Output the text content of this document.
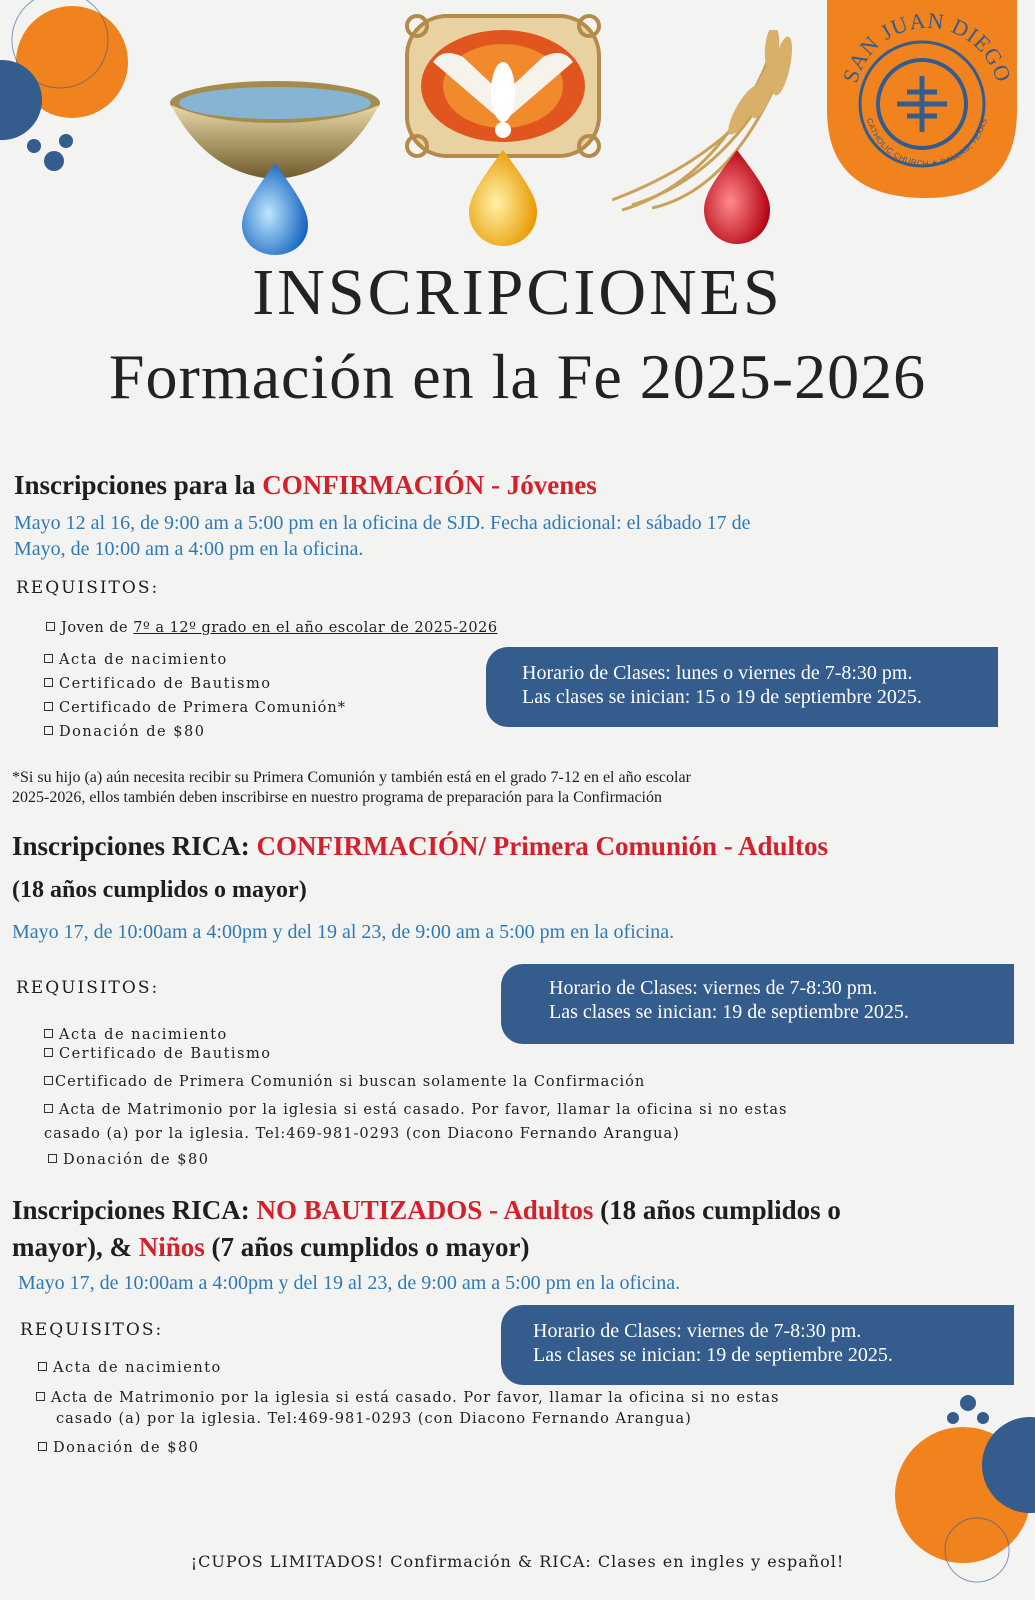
SAN JUAN DIEGO
CATHOLIC CHURCH ✦ DALLAS, TEXAS
INSCRIPCIONES
Formación en la Fe 2025-2026
Inscripciones para la CONFIRMACIÓN - Jóvenes
Mayo 12 al 16, de 9:00 am a 5:00 pm en la oficina de SJD. Fecha adicional: el sábado 17 de
Mayo, de 10:00 am a 4:00 pm en la oficina.
REQUISITOS:
Joven de 7º a 12º grado en el año escolar de 2025-2026
Acta de nacimiento
Certificado de Bautismo
Certificado de Primera Comunión*
Donación de $80
Horario de Clases: lunes o viernes de 7-8:30 pm.
Las clases se inician: 15 o 19 de septiembre 2025.
*Si su hijo (a) aún necesita recibir su Primera Comunión y también está en el grado 7-12 en el año escolar
2025-2026, ellos también deben inscribirse en nuestro programa de preparación para la Confirmación
Inscripciones RICA: CONFIRMACIÓN/ Primera Comunión - Adultos
(18 años cumplidos o mayor)
Mayo 17, de 10:00am a 4:00pm y del 19 al 23, de 9:00 am a 5:00 pm en la oficina.
REQUISITOS:	Horario de Clases: viernes de 7-8:30 pm.
Las clases se inician: 19 de septiembre 2025.
Acta de nacimiento
Certificado de Bautismo
Certificado de Primera Comunión si buscan solamente la Confirmación
Acta de Matrimonio por la iglesia si está casado. Por favor, llamar la oficina si no estas
casado (a) por la iglesia. Tel:469-981-0293 (con Diacono Fernando Arangua)
Donación de $80
Inscripciones RICA: NO BAUTIZADOS - Adultos (18 años cumplidos o
mayor), & Niños (7 años cumplidos o mayor)
Mayo 17, de 10:00am a 4:00pm y del 19 al 23, de 9:00 am a 5:00 pm en la oficina.
REQUISITOS:	Horario de Clases: viernes de 7-8:30 pm.
Las clases se inician: 19 de septiembre 2025.
Acta de nacimiento
Acta de Matrimonio por la iglesia si está casado. Por favor, llamar la oficina si no estas
casado (a) por la iglesia. Tel:469-981-0293 (con Diacono Fernando Arangua)
Donación de $80
¡CUPOS LIMITADOS! Confirmación & RICA: Clases en ingles y español!
